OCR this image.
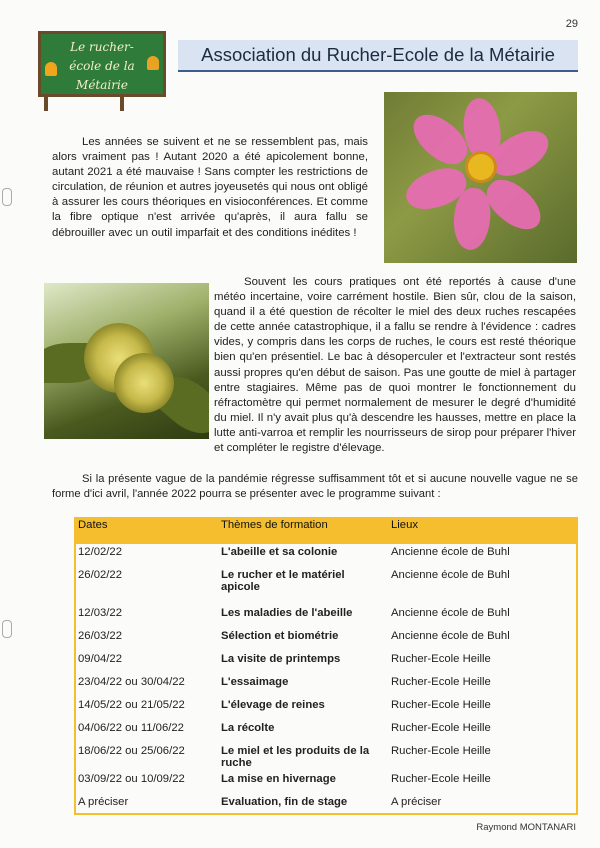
29
Le rucher-
école de la
Métairie
Association du Rucher-Ecole de la Métairie
Les années se suivent et ne se ressemblent pas, mais alors vraiment pas ! Autant 2020 a été apicolement bonne, autant 2021 a été mauvaise ! Sans compter les restrictions de circulation, de réunion et autres joyeusetés qui nous ont obligé à assurer les cours théoriques en visioconférences. Et comme la fibre optique n'est arrivée qu'après, il aura fallu se débrouiller avec un outil imparfait et des conditions inédites !
Souvent les cours pratiques ont été reportés à cause d'une météo incertaine, voire carrément hostile. Bien sûr, clou de la saison, quand il a été question de récolter le miel des deux ruches rescapées de cette année catastrophique, il a fallu se rendre à l'évidence : cadres vides, y compris dans les corps de ruches, le cours est resté théorique bien qu'en présentiel. Le bac à désoperculer et l'extracteur sont restés aussi propres qu'en début de saison. Pas une goutte de miel à partager entre stagiaires. Même pas de quoi montrer le fonctionnement du réfractomètre qui permet normalement de mesurer le degré d'humidité du miel. Il n'y avait plus qu'à descendre les hausses, mettre en place la lutte anti-varroa et remplir les nourrisseurs de sirop pour préparer l'hiver et compléter le registre d'élevage.
Si la présente vague de la pandémie régresse suffisamment tôt et si aucune nouvelle vague ne se forme d'ici avril, l'année 2022 pourra se présenter avec le programme suivant :
Dates	Thèmes de formation	Lieux
12/02/22	L'abeille et sa colonie	Ancienne école de Buhl
26/02/22	Le rucher et le matériel apicole	Ancienne école de Buhl
12/03/22	Les maladies de l'abeille	Ancienne école de Buhl
26/03/22	Sélection et biométrie	Ancienne école de Buhl
09/04/22	La visite de printemps	Rucher-Ecole Heille
23/04/22 ou 30/04/22	L'essaimage	Rucher-Ecole Heille
14/05/22 ou 21/05/22	L'élevage de reines	Rucher-Ecole Heille
04/06/22 ou 11/06/22	La récolte	Rucher-Ecole Heille
18/06/22 ou 25/06/22	Le miel et les produits de la ruche	Rucher-Ecole Heille
03/09/22 ou 10/09/22	La mise en hivernage	Rucher-Ecole Heille
A préciser	Evaluation, fin de stage	A préciser
Raymond MONTANARI
